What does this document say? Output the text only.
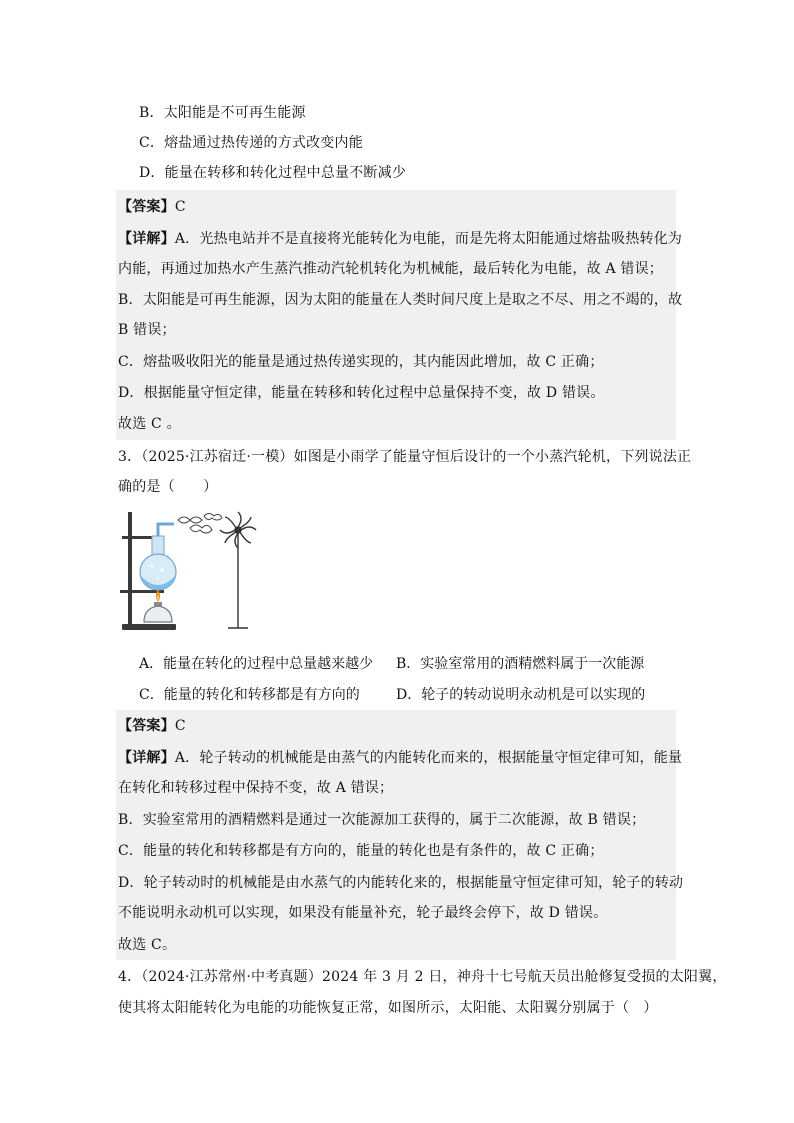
B．太阳能是不可再生能源
C．熔盐通过热传递的方式改变内能
D．能量在转移和转化过程中总量不断减少
【答案】C
【详解】A．光热电站并不是直接将光能转化为电能，而是先将太阳能通过熔盐吸热转化为
内能，再通过加热水产生蒸汽推动汽轮机转化为机械能，最后转化为电能，故 A 错误；
B．太阳能是可再生能源，因为太阳的能量在人类时间尺度上是取之不尽、用之不竭的，故
B 错误；
C．熔盐吸收阳光的能量是通过热传递实现的，其内能因此增加，故 C 正确；
D．根据能量守恒定律，能量在转移和转化过程中总量保持不变，故 D 错误。
故选 C 。
3．（2025·江苏宿迁·一模）如图是小雨学了能量守恒后设计的一个小蒸汽轮机，下列说法正
确的是（　　）
A．能量在转化的过程中总量越来越少 B．实验室常用的酒精燃料属于一次能源
C．能量的转化和转移都是有方向的	D．轮子的转动说明永动机是可以实现的
【答案】C
【详解】A．轮子转动的机械能是由蒸气的内能转化而来的，根据能量守恒定律可知，能量
在转化和转移过程中保持不变，故 A 错误；
B．实验室常用的酒精燃料是通过一次能源加工获得的，属于二次能源，故 B 错误；
C．能量的转化和转移都是有方向的，能量的转化也是有条件的，故 C 正确；
D．轮子转动时的机械能是由水蒸气的内能转化来的，根据能量守恒定律可知，轮子的转动
不能说明永动机可以实现，如果没有能量补充，轮子最终会停下，故 D 错误。
故选 C。
4．（2024·江苏常州·中考真题）2024 年 3 月 2 日，神舟十七号航天员出舱修复受损的太阳翼，
使其将太阳能转化为电能的功能恢复正常，如图所示，太阳能、太阳翼分别属于（　）
